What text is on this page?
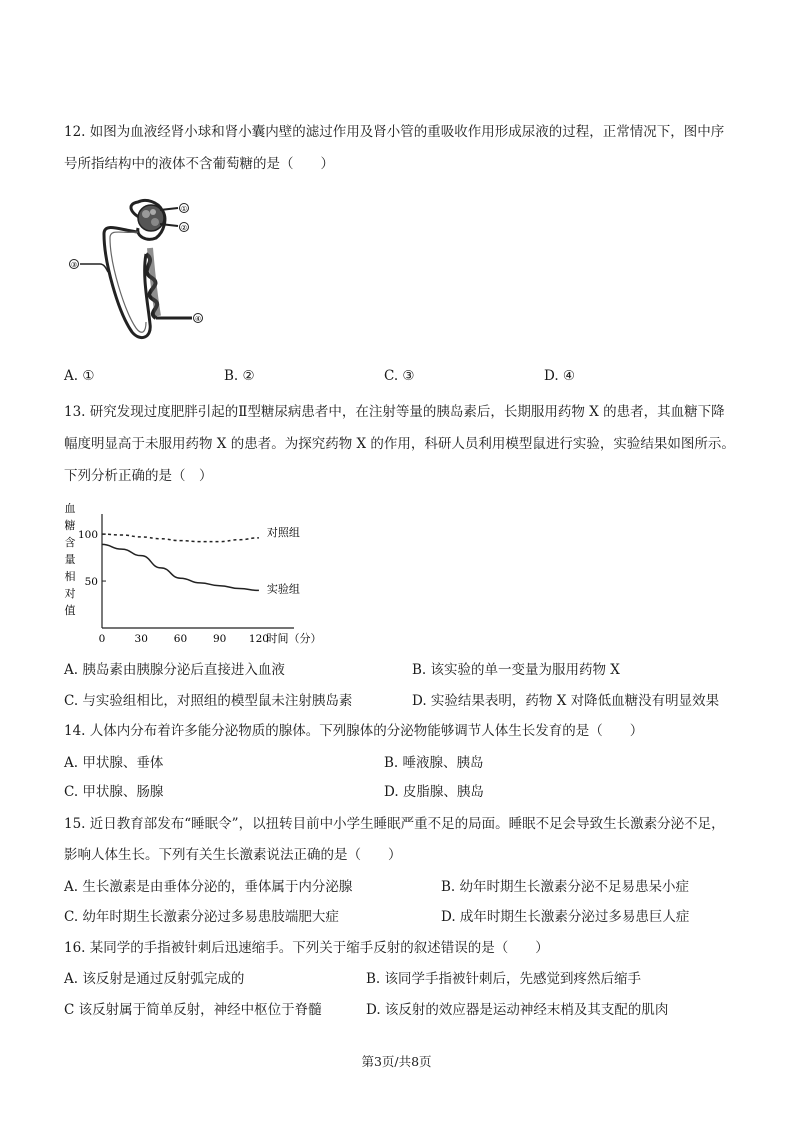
12. 如图为血液经肾小球和肾小囊内壁的滤过作用及肾小管的重吸收作用形成尿液的过程，正常情况下，图中序
号所指结构中的液体不含葡萄糖的是（　　）
①
②
③
④
A. ①	B. ②	C. ③	D. ④
13. 研究发现过度肥胖引起的Ⅱ型糖尿病患者中，在注射等量的胰岛素后，长期服用药物 X 的患者，其血糖下降
幅度明显高于未服用药物 X 的患者。为探究药物 X 的作用，科研人员利用模型鼠进行实验，实验结果如图所示。
下列分析正确的是（　）
血
糖
含
量
相
对
值
50
100
0	30 60 90 120
时间（分）
对照组
实验组
A. 胰岛素由胰腺分泌后直接进入血液	B. 该实验的单一变量为服用药物 X
C. 与实验组相比，对照组的模型鼠未注射胰岛素	D. 实验结果表明，药物 X 对降低血糖没有明显效果
14. 人体内分布着许多能分泌物质的腺体。下列腺体的分泌物能够调节人体生长发育的是（　　）
A. 甲状腺、垂体	B. 唾液腺、胰岛
C. 甲状腺、肠腺	D. 皮脂腺、胰岛
15. 近日教育部发布“睡眠令”，以扭转目前中小学生睡眠严重不足的局面。睡眠不足会导致生长激素分泌不足，
影响人体生长。下列有关生长激素说法正确的是（　　）
A. 生长激素是由垂体分泌的，垂体属于内分泌腺	B. 幼年时期生长激素分泌不足易患呆小症
C. 幼年时期生长激素分泌过多易患肢端肥大症	D. 成年时期生长激素分泌过多易患巨人症
16. 某同学的手指被针刺后迅速缩手。下列关于缩手反射的叙述错误的是（　　）
A. 该反射是通过反射弧完成的	B. 该同学手指被针刺后，先感觉到疼然后缩手
C 该反射属于简单反射，神经中枢位于脊髓	D. 该反射的效应器是运动神经末梢及其支配的肌肉
第3页/共8页
